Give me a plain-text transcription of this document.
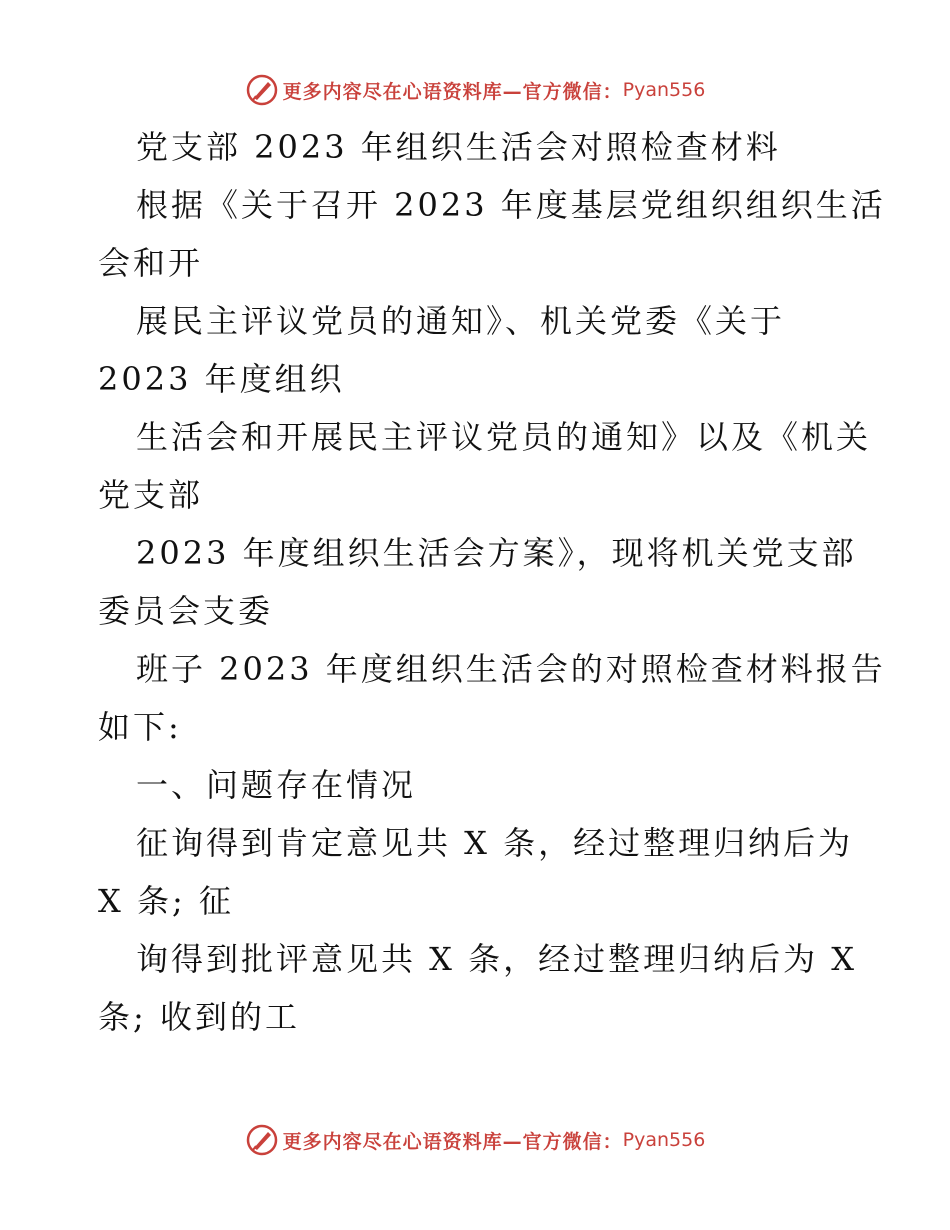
更多内容尽在心语资料库—官方微信： Pyan556

党支部 2023 年组织生活会对照检查材料

根据《关于召开 2023 年度基层党组织组织生活
会和开

展民主评议党员的通知》、机关党委《关于
2023 年度组织

生活会和开展民主评议党员的通知》以及《机关
党支部

2023 年度组织生活会方案》，现将机关党支部
委员会支委

班子 2023 年度组织生活会的对照检查材料报告
如下:

一、问题存在情况

征询得到肯定意见共 X 条，经过整理归纳后为
X 条; 征

询得到批评意见共 X 条，经过整理归纳后为 X
条; 收到的工

更多内容尽在心语资料库—官方微信： Pyan556
